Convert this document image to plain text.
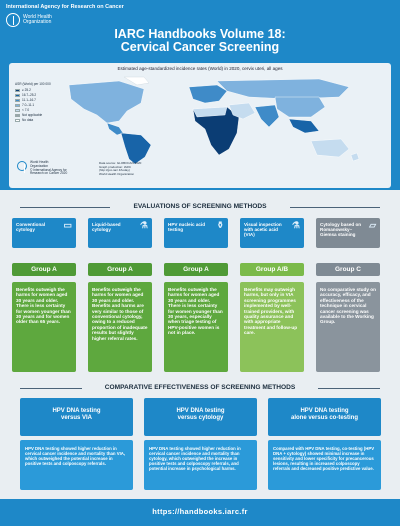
International Agency for Research on Cancer
World Health
Organization
IARC Handbooks Volume 18:
Cervical Cancer Screening
Estimated age-standardized incidence rates (World) in 2020, cervix uteri, all ages
ASR (World) per 100 000
≥ 25.2
16.7–25.2
11.1–16.7
7.0–11.1
< 7.0
Not applicable
No data
World Health
Organization
© International Agency for
Research on Cancer 2020
Data source: GLOBOCAN 2020
Graph production: IARC
(http://gco.iarc.fr/today)
World Health Organization
EVALUATIONS OF SCREENING METHODS
Conventional cytology	▭
Group A
Benefits outweigh the harms for women aged 30 years and older. There is less certainty for women younger than 30 years and for women older than 65 years.
Liquid-based cytology	⚗
Group A
Benefits outweigh the harms for women aged 30 years and older. Benefits and harms are very similar to those of conventional cytology, owing to a reduced proportion of inadequate results but slightly higher referral rates.
HPV nucleic acid testing	⚱
Group A
Benefits outweigh the harms for women aged 30 years and older. There is less certainty for women younger than 30 years, especially when triage testing of HPV-positive women is not in place.
Visual inspection with acetic acid (VIA)
⚗
Group A/B
Benefits may outweigh harms, but only in VIA screening programmes implemented by well-trained providers, with quality assurance and with appropriate treatment and follow-up care.
Cytology based on Romanowsky–Giemsa staining
▱
Group C
No comparative study on accuracy, efficacy, and effectiveness of the technique in cervical cancer screening was available to the Working Group.
COMPARATIVE EFFECTIVENESS OF SCREENING METHODS
HPV DNA testing
versus VIA
HPV DNA testing showed higher reduction in cervical cancer incidence and mortality than VIA, which outweighed the potential increase in positive tests and colposcopy referrals.
HPV DNA testing
versus cytology
HPV DNA testing showed higher reduction in cervical cancer incidence and mortality than cytology, which outweighed the increase in positive tests and colposcopy referrals, and potential increase in psychological harms.
HPV DNA testing
alone versus co-testing
Compared with HPV DNA testing, co-testing (HPV DNA + cytology) showed minimal increase in sensitivity and lower specificity for precancerous lesions, resulting in increased colposcopy referrals and decreased positive predictive value.
https://handbooks.iarc.fr
